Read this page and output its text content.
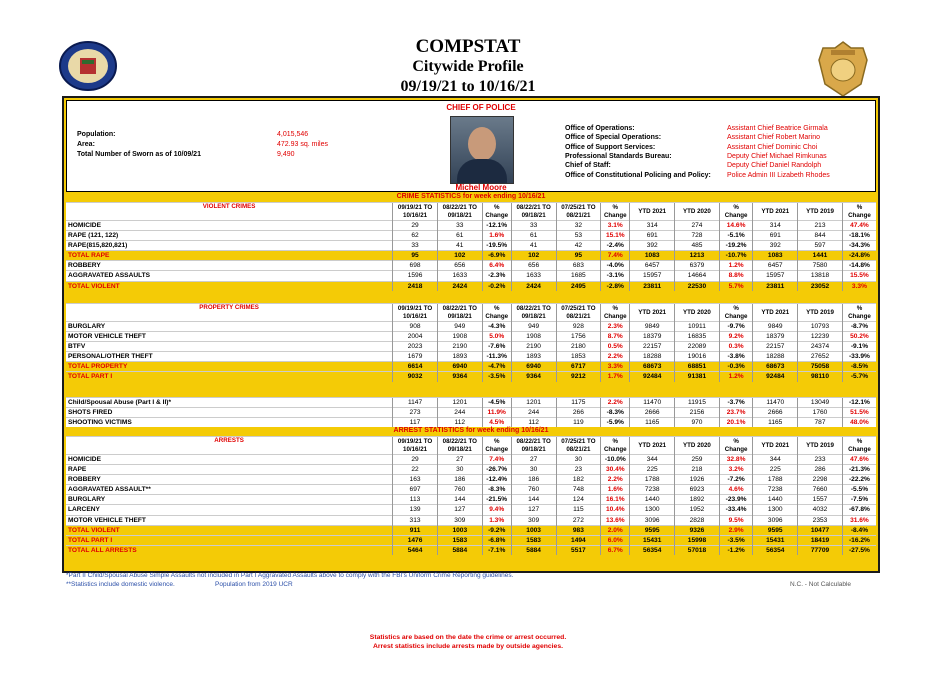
COMPSTAT
Citywide Profile
09/19/21 to 10/16/21
CHIEF OF POLICE
Michel Moore
Population:	4,015,546
Area:	472.93 sq. miles
Total Number of Sworn as of 10/09/21	9,490
Office of Operations:	Assistant Chief Beatrice Girmala
Office of Special Operations:	Assistant Chief Robert Marino
Office of Support Services:	Assistant Chief Dominic Choi
Professional Standards Bureau:	Deputy Chief Michael Rimkunas
Chief of Staff:	Deputy Chief Daniel Randolph
Office of Constitutional Policing and Policy: Police Admin III Lizabeth Rhodes
CRIME STATISTICS for week ending 10/16/21
VIOLENT CRIMES	09/19/21 TO 10/16/21	08/22/21 TO 09/18/21	% Change	08/22/21 TO 09/18/21	07/25/21 TO 08/21/21	% Change	YTD 2021	YTD 2020	% Change	YTD 2021	YTD 2019	% Change
HOMICIDE	29	33	-12.1%	33	32	3.1%	314	274	14.6%	314	213	47.4%
RAPE (121, 122)	62	61	1.6%	61	53	15.1%	691	728	-5.1%	691	844	-18.1%
RAPE(815,820,821)	33	41	-19.5%	41	42	-2.4%	392	485	-19.2%	392	597	-34.3%
TOTAL RAPE	95	102	-6.9%	102	95	7.4%	1083	1213	-10.7%	1083	1441	-24.8%
ROBBERY	698	656	6.4%	656	683	-4.0%	6457	6379	1.2%	6457	7580	-14.8%
AGGRAVATED ASSAULTS	1596	1633	-2.3%	1633	1685	-3.1%	15957	14664	8.8%	15957	13818	15.5%
TOTAL VIOLENT	2418	2424	-0.2%	2424	2495	-2.8%	23811	22530	5.7%	23811	23052	3.3%
PROPERTY CRIMES	09/19/21 TO 10/16/21	08/22/21 TO 09/18/21	% Change	08/22/21 TO 09/18/21	07/25/21 TO 08/21/21	% Change	YTD 2021	YTD 2020	% Change	YTD 2021	YTD 2019	% Change
BURGLARY	908	949	-4.3%	949	928	2.3%	9849	10911	-9.7%	9849	10793	-8.7%
MOTOR VEHICLE THEFT	2004	1908	5.0%	1908	1756	8.7%	18379	16835	9.2%	18379	12239	50.2%
BTFV	2023	2190	-7.6%	2190	2180	0.5%	22157	22089	0.3%	22157	24374	-9.1%
PERSONAL/OTHER THEFT	1679	1893	-11.3%	1893	1853	2.2%	18288	19016	-3.8%	18288	27652	-33.9%
TOTAL PROPERTY	6614	6940	-4.7%	6940	6717	3.3%	68673	68851	-0.3%	68673	75058	-8.5%
TOTAL PART I	9032	9364	-3.5%	9364	9212	1.7%	92484	91381	1.2%	92484	98110	-5.7%
Child/Spousal Abuse (Part I & II)*	1147	1201	-4.5%	1201	1175	2.2%	11470	11915	-3.7%	11470	13049	-12.1%
SHOTS FIRED	273	244	11.9%	244	266	-8.3%	2666	2156	23.7%	2666	1760	51.5%
SHOOTING VICTIMS	117	112	4.5%	112	119	-5.9%	1165	970	20.1%	1165	787	48.0%
ARREST STATISTICS for week ending 10/16/21
ARRESTS	09/19/21 TO 10/16/21	08/22/21 TO 09/18/21	% Change	08/22/21 TO 09/18/21	07/25/21 TO 08/21/21	% Change	YTD 2021	YTD 2020	% Change	YTD 2021	YTD 2019	% Change
HOMICIDE	29	27	7.4%	27	30	-10.0%	344	259	32.8%	344	233	47.6%
RAPE	22	30	-26.7%	30	23	30.4%	225	218	3.2%	225	286	-21.3%
ROBBERY	163	186	-12.4%	186	182	2.2%	1788	1926	-7.2%	1788	2298	-22.2%
AGGRAVATED ASSAULT**	697	760	-8.3%	760	748	1.6%	7238	6923	4.6%	7238	7660	-5.5%
BURGLARY	113	144	-21.5%	144	124	16.1%	1440	1892	-23.9%	1440	1557	-7.5%
LARCENY	139	127	9.4%	127	115	10.4%	1300	1952	-33.4%	1300	4032	-67.8%
MOTOR VEHICLE THEFT	313	309	1.3%	309	272	13.6%	3096	2828	9.5%	3096	2353	31.6%
TOTAL VIOLENT	911	1003	-9.2%	1003	983	2.0%	9595	9326	2.9%	9595	10477	-8.4%
TOTAL PART I	1476	1583	-6.8%	1583	1494	6.0%	15431	15998	-3.5%	15431	18419	-16.2%
TOTAL ALL ARRESTS	5464	5884	-7.1%	5884	5517	6.7%	56354	57018	-1.2%	56354	77709	-27.5%
*Part II Child/Spousal Abuse Simple Assaults not included in Part I Aggravated Assaults above to comply with the FBI's Uniform Crime Reporting guidelines.
**Statistics include domestic violence.	Population from 2019 UCR	N.C. - Not Calculable
Statistics are based on the date the crime or arrest occurred.
Arrest statistics include arrests made by outside agencies.
